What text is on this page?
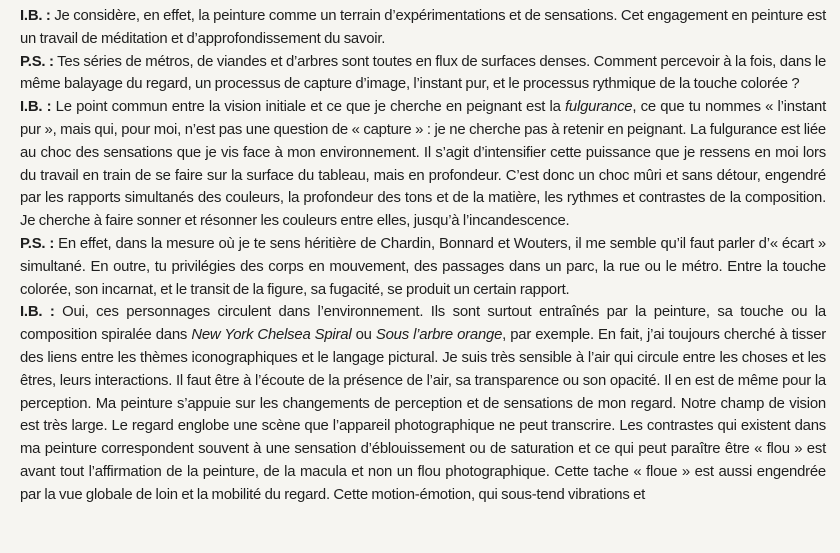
I.B. : Je considère, en effet, la peinture comme un terrain d’expérimentations et de sensations. Cet engagement en peinture est un travail de méditation et d’approfondissement du savoir.

P.S. : Tes séries de métros, de viandes et d’arbres sont toutes en flux de surfaces denses. Comment percevoir à la fois, dans le même balayage du regard, un processus de capture d’image, l’instant pur, et le processus rythmique de la touche colorée ?

I.B. : Le point commun entre la vision initiale et ce que je cherche en peignant est la fulgurance, ce que tu nommes « l’instant pur », mais qui, pour moi, n’est pas une question de « capture » : je ne cherche pas à retenir en peignant. La fulgurance est liée au choc des sensations que je vis face à mon environnement. Il s’agit d’intensifier cette puissance que je ressens en moi lors du travail en train de se faire sur la surface du tableau, mais en profondeur. C’est donc un choc mûri et sans détour, engendré par les rapports simultanés des couleurs, la profondeur des tons et de la matière, les rythmes et contrastes de la composition. Je cherche à faire sonner et résonner les couleurs entre elles, jusqu’à l’incandescence.

P.S. : En effet, dans la mesure où je te sens héritière de Chardin, Bonnard et Wouters, il me semble qu’il faut parler d’« écart » simultané. En outre, tu privilégies des corps en mouvement, des passages dans un parc, la rue ou le métro. Entre la touche colorée, son incarnat, et le transit de la figure, sa fugacité, se produit un certain rapport.

I.B. : Oui, ces personnages circulent dans l’environnement. Ils sont surtout entraînés par la peinture, sa touche ou la composition spiralée dans New York Chelsea Spiral ou Sous l’arbre orange, par exemple. En fait, j’ai toujours cherché à tisser des liens entre les thèmes iconographiques et le langage pictural. Je suis très sensible à l’air qui circule entre les choses et les êtres, leurs interactions. Il faut être à l’écoute de la présence de l’air, sa transparence ou son opacité. Il en est de même pour la perception. Ma peinture s’appuie sur les changements de perception et de sensations de mon regard. Notre champ de vision est très large. Le regard englobe une scène que l’appareil photographique ne peut transcrire. Les contrastes qui existent dans ma peinture correspondent souvent à une sensation d’éblouissement ou de saturation et ce qui peut paraître être « flou » est avant tout l’affirmation de la peinture, de la macula et non un flou photographique. Cette tache « floue » est aussi engendrée par la vue globale de loin et la mobilité du regard. Cette motion-émotion, qui sous-tend vibrations et
